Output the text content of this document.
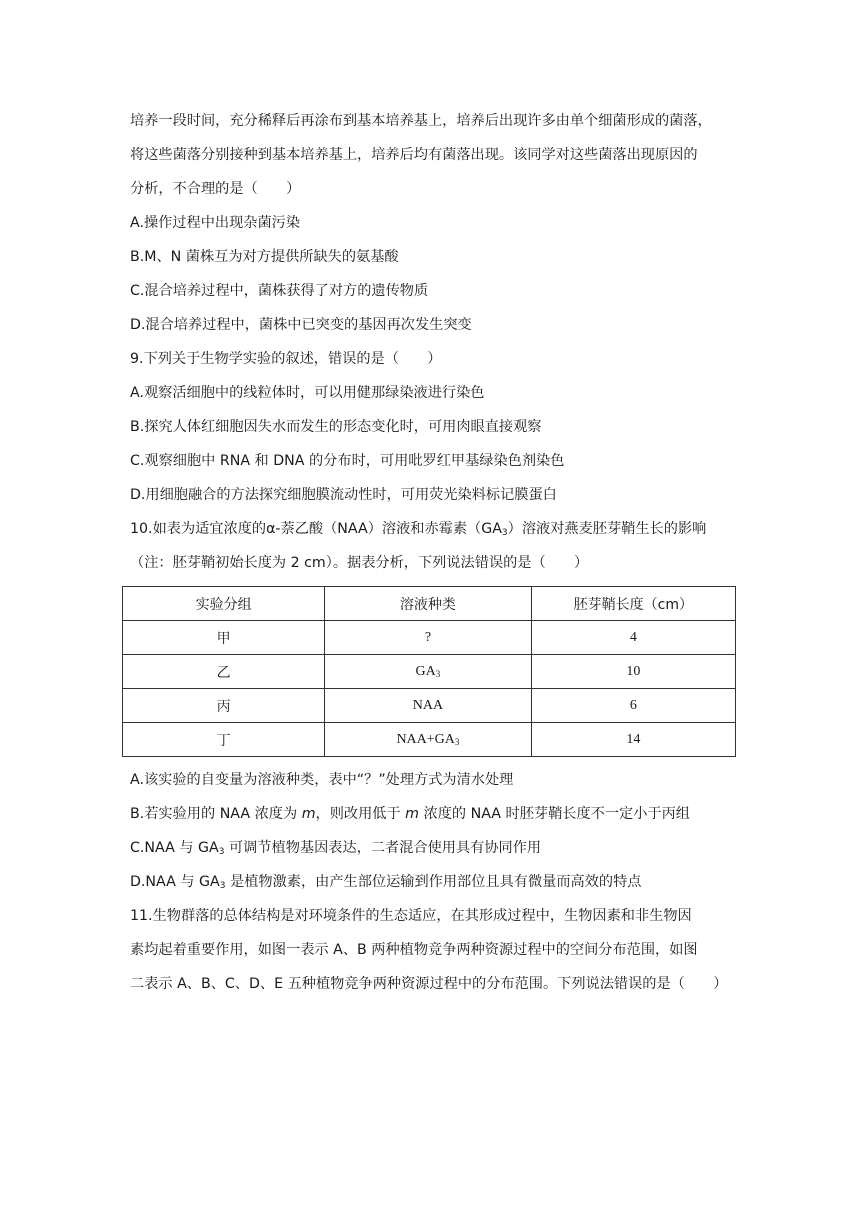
培养一段时间，充分稀释后再涂布到基本培养基上，培养后出现许多由单个细菌形成的菌落，
将这些菌落分别接种到基本培养基上，培养后均有菌落出现。该同学对这些菌落出现原因的
分析，不合理的是（　　）
A.操作过程中出现杂菌污染
B.M、N 菌株互为对方提供所缺失的氨基酸
C.混合培养过程中，菌株获得了对方的遗传物质
D.混合培养过程中，菌株中已突变的基因再次发生突变
9.下列关于生物学实验的叙述，错误的是（　　）
A.观察活细胞中的线粒体时，可以用健那绿染液进行染色
B.探究人体红细胞因失水而发生的形态变化时，可用肉眼直接观察
C.观察细胞中 RNA 和 DNA 的分布时，可用吡罗红甲基绿染色剂染色
D.用细胞融合的方法探究细胞膜流动性时，可用荧光染料标记膜蛋白
10.如表为适宜浓度的α-萘乙酸（NAA）溶液和赤霉素$(GA_3)$溶液对燕麦胚芽鞘生长的影响
（注：胚芽鞘初始长度为 2 cm）。据表分析，下列说法错误的是（　　）
实验分组	溶液种类	胚芽鞘长度（cm）
甲	?	4
乙	$GA_3$	10
丙	NAA	6
丁	$NAA+GA_3$	14
A.该实验的自变量为溶液种类，表中“？”处理方式为清水处理
B.若实验用的 NAA 浓度为 m，则改用低于 m 浓度的 NAA 时胚芽鞘长度不一定小于丙组
C.NAA 与 $GA_3$ 可调节植物基因表达，二者混合使用具有协同作用
D.NAA 与 $GA_3$ 是植物激素，由产生部位运输到作用部位且具有微量而高效的特点
11.生物群落的总体结构是对环境条件的生态适应，在其形成过程中，生物因素和非生物因
素均起着重要作用，如图一表示 A、B 两种植物竞争两种资源过程中的空间分布范围，如图
二表示 A、B、C、D、E 五种植物竞争两种资源过程中的分布范围。下列说法错误的是（　　）
